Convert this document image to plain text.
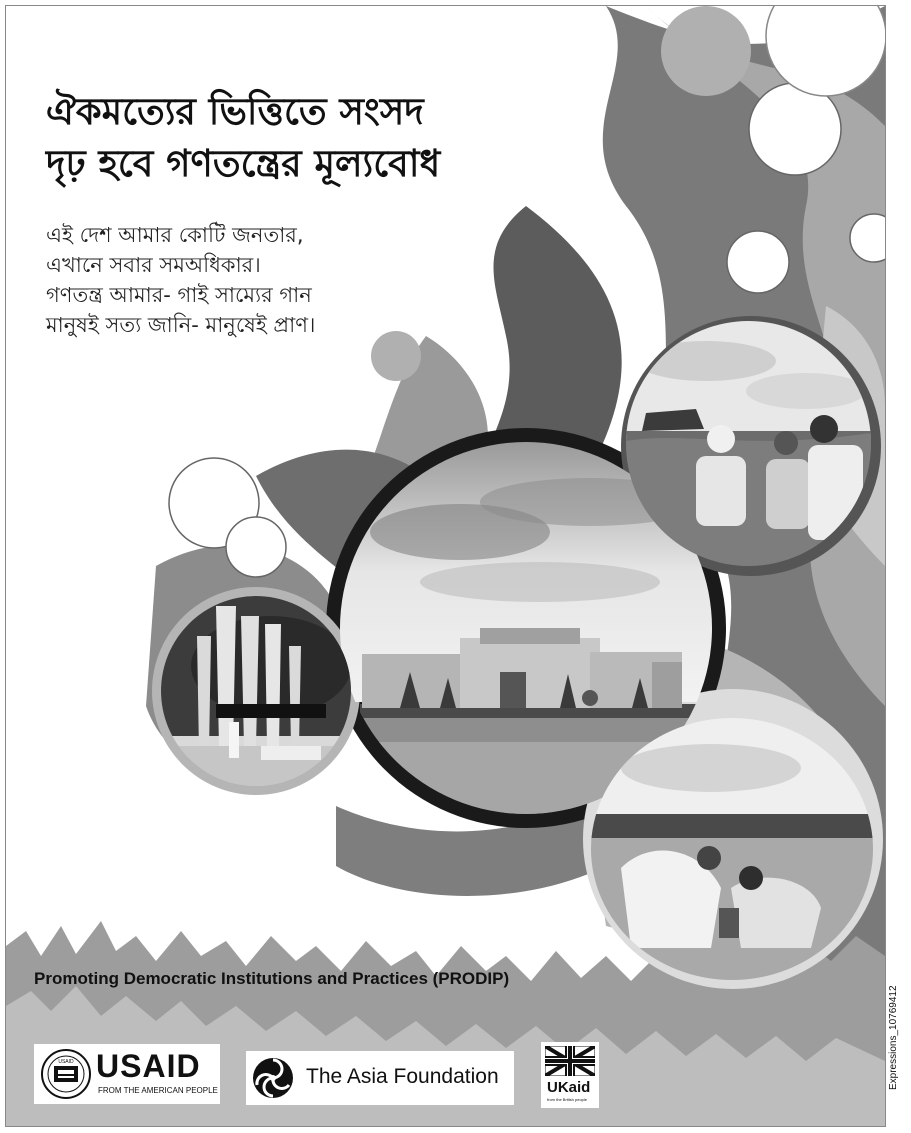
ঐকমত্যের ভিত্তিতে সংসদ
দৃঢ় হবে গণতন্ত্রের মূল্যবোধ

এই দেশ আমার কোটি জনতার,
এখানে সবার সমঅধিকার।
গণতন্ত্র আমার- গাই সাম্যের গান
মানুষই সত্য জানি- মানুষেই প্রাণ।

Promoting Democratic Institutions and Practices (PRODIP)
USAID USAID
FROM THE AMERICAN PEOPLE
The Asia Foundation	UKaid
from the British people
Expressions_10769412
